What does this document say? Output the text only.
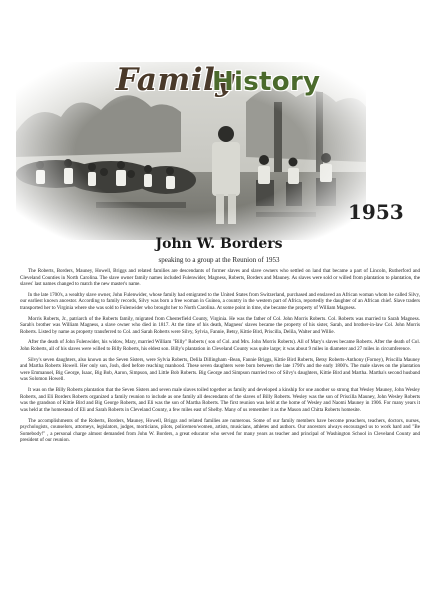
Family
History
1953
John W. Borders
speaking to a group at the Reunion of 1953

The Roberts, Borders, Mauney, Howell, Briggs and related families are descendants of former slaves and slave owners who settled on land that became a part of Lincoln, Rutherford and Cleveland Counties in North Carolina. The slave owner family names included Fulenwider, Magness, Roberts, Borders and Mauney. As slaves were sold or willed from plantation to plantation, the slaves' last names changed to match the new master's name.

In the late 1700's, a wealthy slave owner, John Fulenwider, whose family had emigrated to the United States from Switzerland, purchased and enslaved an African woman whom he called Silvy, our earliest known ancestor. According to family records, Silvy was born a free woman in Guinea, a country in the western part of Africa, reportedly the daughter of an African chief. Slave traders transported her to Virginia where she was sold to Fulenwider who brought her to North Carolina. At some point in time, she became the property of William Magness.

Morris Roberts, Jr., patriarch of the Roberts family, migrated from Chesterfield County, Virginia. He was the father of Col. John Morris Roberts. Col. Roberts was married to Sarah Magness. Sarah's brother was William Magness, a slave owner who died in 1817. At the time of his death, Magness' slaves became the property of his sister, Sarah, and brother-in-law Col. John Morris Roberts. Listed by name as property transferred to Col. and Sarah Roberts were Silvy, Sylvia, Fannie, Betsy, Kittie Bird, Priscilla, Delila, Walter and Willie.

After the death of John Fulenwider, his widow, Mary, married William "Billy" Roberts ( son of Col. and Mrs. John Morris Roberts). All of Mary's slaves became Roberts. After the death of Col. John Roberts, all of his slaves were willed to Billy Roberts, his eldest son. Billy's plantation in Cleveland County was quite large; it was about 9 miles in diameter and 27 miles in circumference.

Silvy's seven daughters, also known as the Seven Sisters, were Sylvia Roberts, Delila Dillingham -Bean, Fannie Briggs, Kittie Bird Roberts, Betsy Roberts-Anthony (Forney), Priscilla Mauney and Martha Roberts Howell. Her only son, Josh, died before reaching manhood. These seven daughters were born between the late 1790's and the early 1800's. The male slaves on the plantation were Emmanuel, Big George, Isaac, Big Bob, Aaron, Simpson, and Little Bob Roberts. Big George and Simpson married two of Silvy's daughters, Kittie Bird and Martha. Martha's second husband was Solomon Howell.

It was on the Billy Roberts plantation that the Seven Sisters and seven male slaves toiled together as family and developed a kinship for one another so strong that Wesley Mauney, John Wesley Roberts, and Eli Borders Roberts organized a family reunion to include as one family all descendants of the slaves of Billy Roberts. Wesley was the son of Priscilla Mauney, John Wesley Roberts was the grandson of Kittie Bird and Big George Roberts, and Eli was the son of Martha Roberts. The first reunion was held at the home of Wesley and Naomi Mauney in 1906. For many years it was held at the homestead of Eli and Sarah Roberts in Cleveland County, a few miles east of Shelby. Many of us remember it as the Mason and Chitta Roberts homesite.

The accomplishments of the Roberts, Borders, Mauney, Howell, Briggs and related families are numerous. Some of our family members have become preachers, teachers, doctors, nurses, psychologists, counselors, attorneys, legislators, judges, morticians, pilots, policemen/women, artists, musicians, athletes and authors. Our ancestors always encouraged us to work hard and "Be Somebody!" , a personal charge almost demanded from John W. Borders, a great educator who served for many years as teacher and principal of Washington School in Cleveland County and president of our reunion.
